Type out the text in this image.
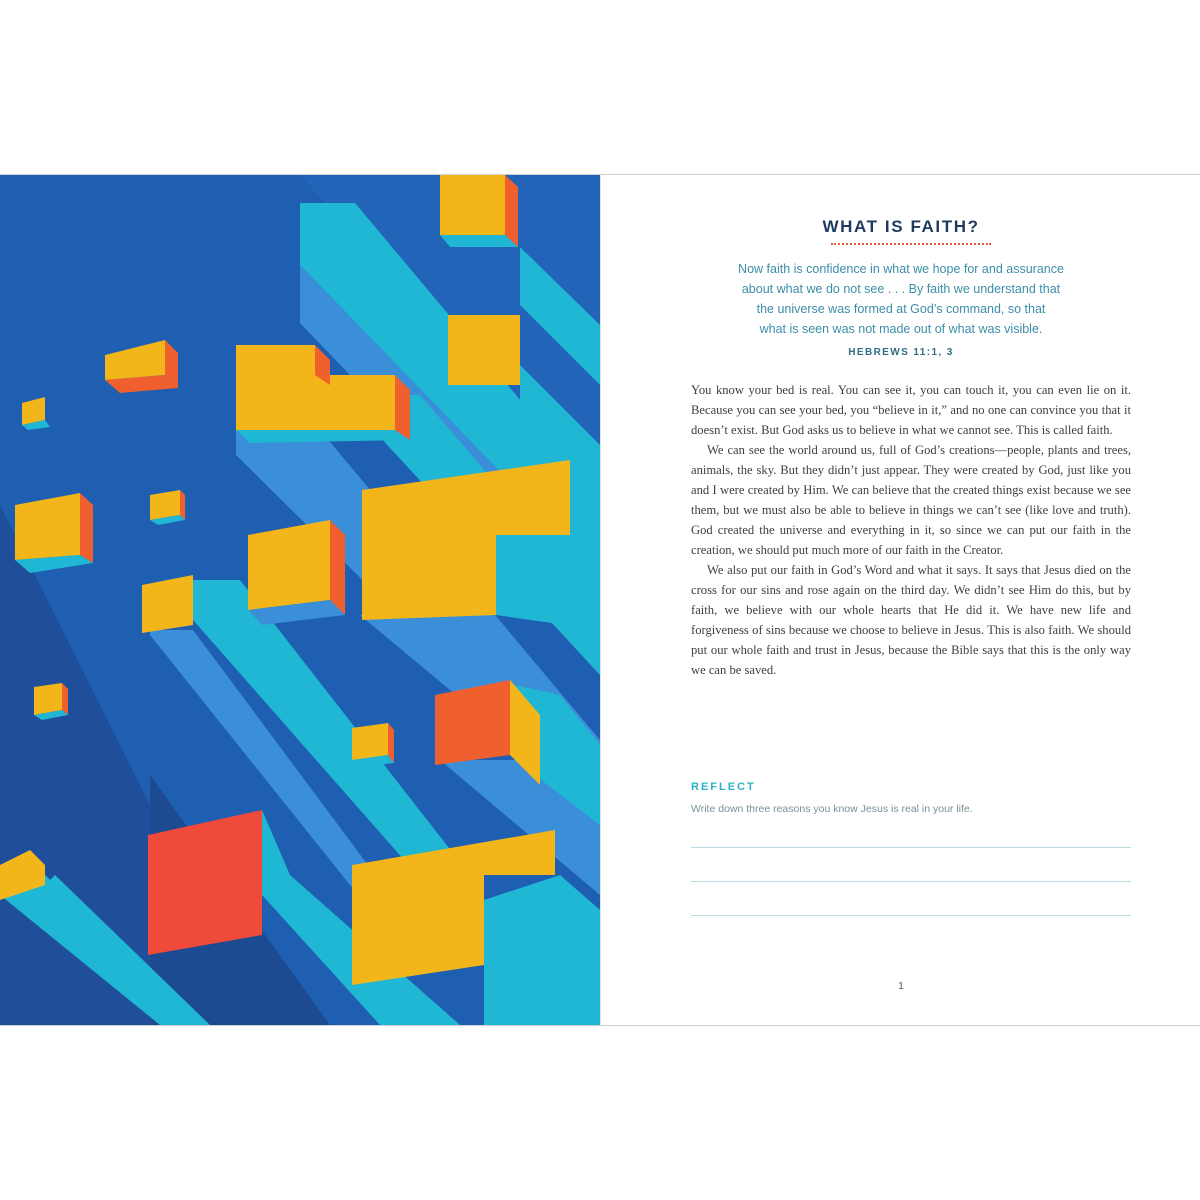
WHAT IS FAITH?
Now faith is confidence in what we hope for and assurance
about what we do not see . . . By faith we understand that
the universe was formed at God’s command, so that
what is seen was not made out of what was visible.
HEBREWS 11:1, 3

You know your bed is real. You can see it, you can touch it, you can even lie on it. Because you can see your bed, you “believe in it,” and no one can convince you that it doesn’t exist. But God asks us to believe in what we cannot see. This is called faith.

We can see the world around us, full of God’s creations—people, plants and trees, animals, the sky. But they didn’t just appear. They were created by God, just like you and I were created by Him. We can believe that the created things exist because we see them, but we must also be able to believe in things we can’t see (like love and truth). God created the universe and everything in it, so since we can put our faith in the creation, we should put much more of our faith in the Creator.

We also put our faith in God’s Word and what it says. It says that Jesus died on the cross for our sins and rose again on the third day. We didn’t see Him do this, but by faith, we believe with our whole hearts that He did it. We have new life and forgiveness of sins because we choose to believe in Jesus. This is also faith. We should put our whole faith and trust in Jesus, because the Bible says that this is the only way we can be saved.

REFLECT
Write down three reasons you know Jesus is real in your life.
1
